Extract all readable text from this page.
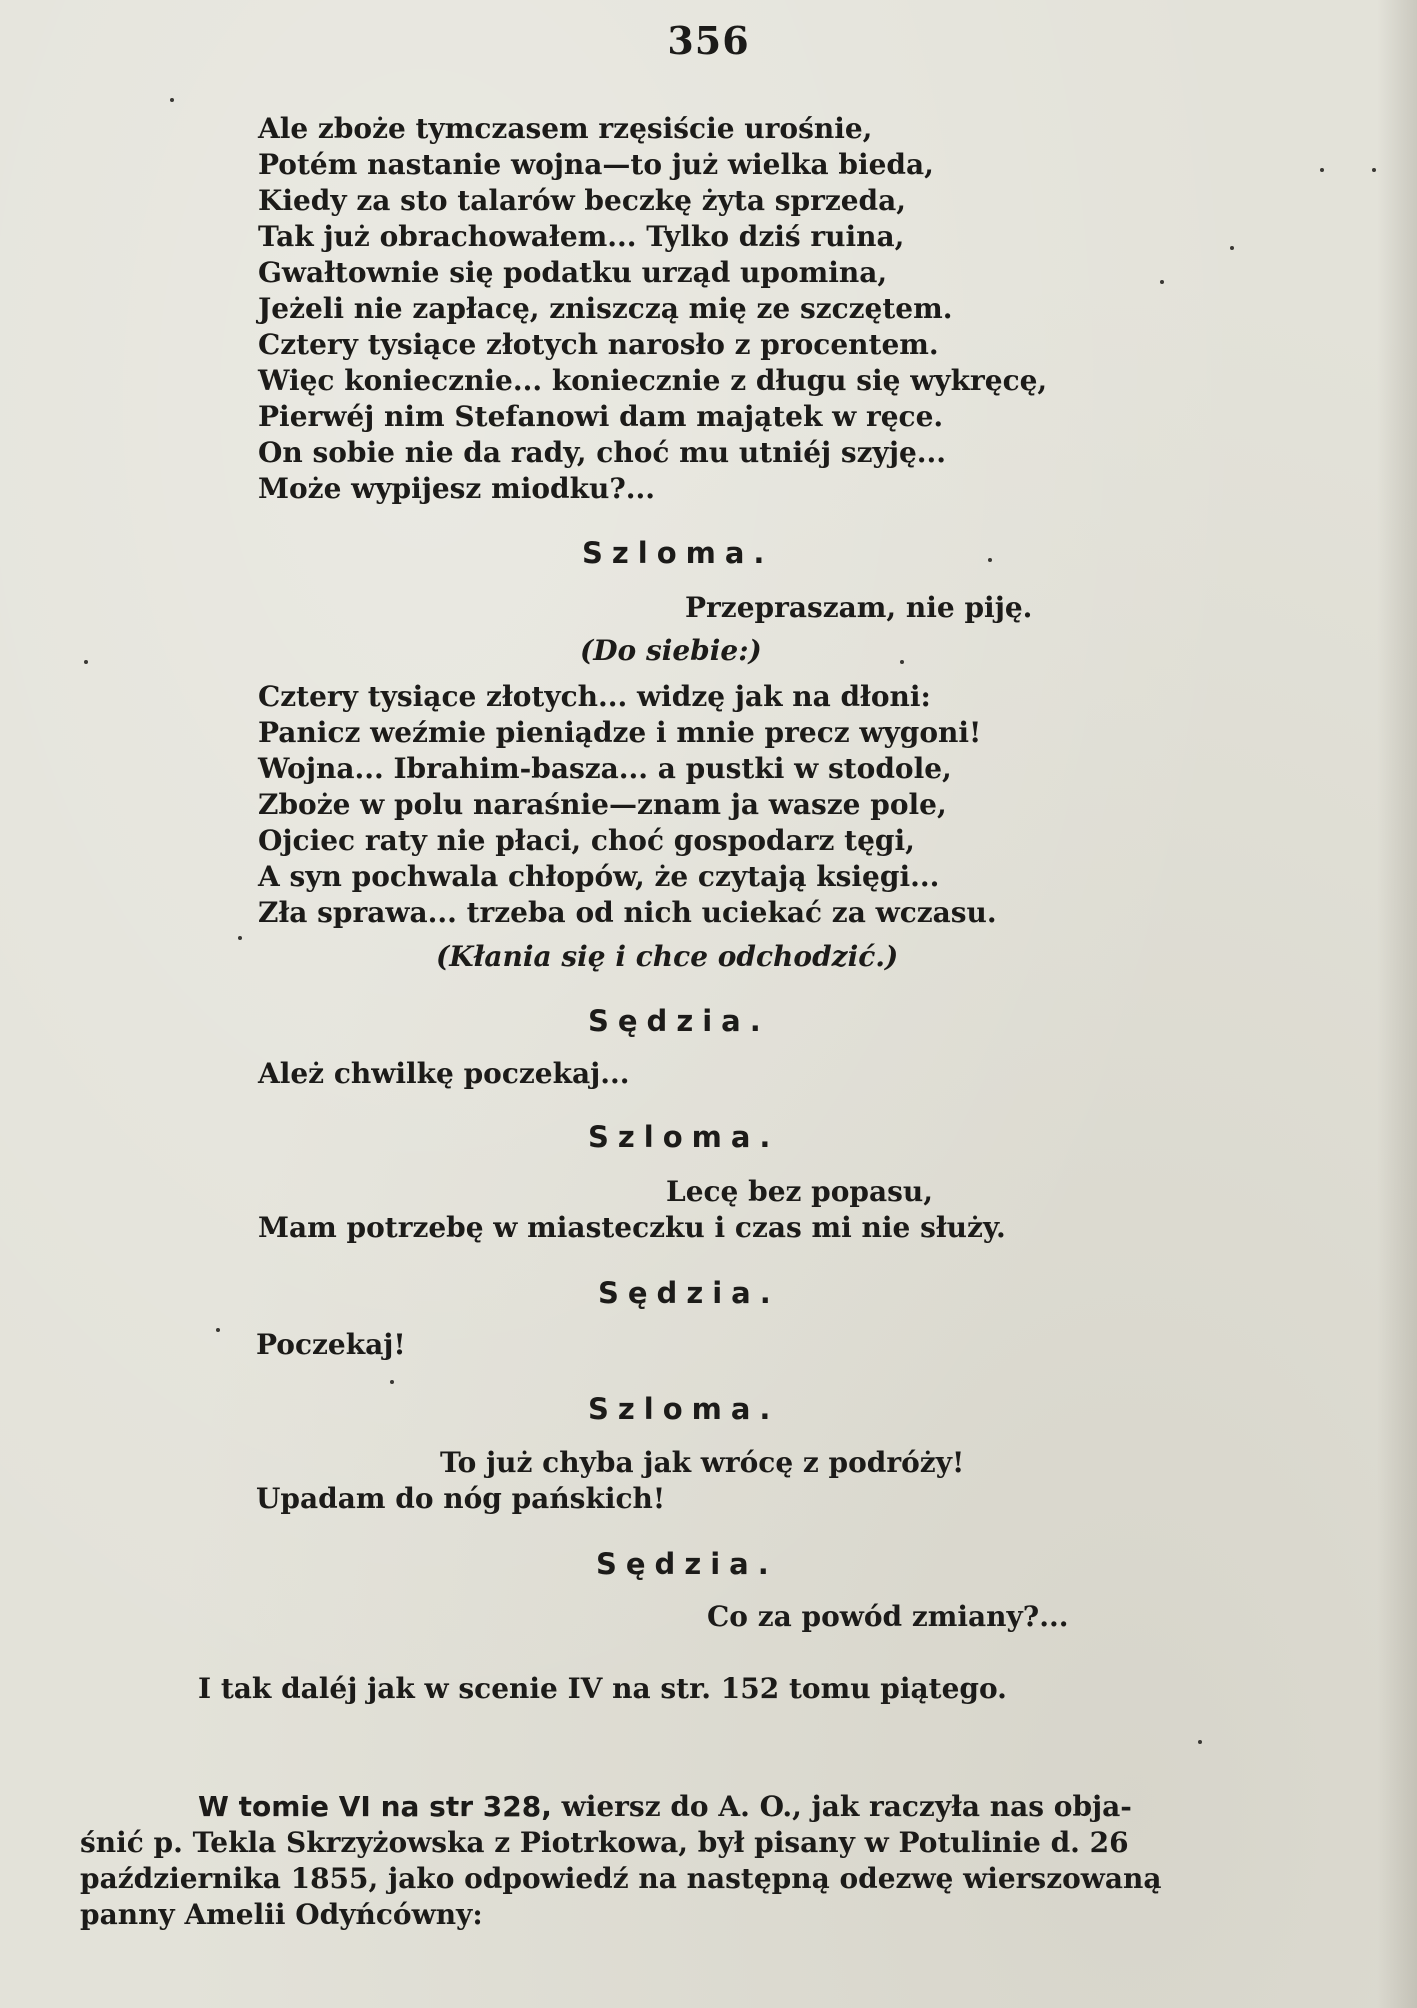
356
Ale zboże tymczasem rzęsiście urośnie,
Potém nastanie wojna—to już wielka bieda,
Kiedy za sto talarów beczkę żyta sprzeda,
Tak już obrachowałem... Tylko dziś ruina,
Gwałtownie się podatku urząd upomina,
Jeżeli nie zapłacę, zniszczą mię ze szczętem.
Cztery tysiące złotych narosło z procentem.
Więc koniecznie... koniecznie z długu się wykręcę,
Pierwéj nim Stefanowi dam majątek w ręce.
On sobie nie da rady, choć mu utniéj szyję...
Może wypijesz miodku?...
Szloma.
Przepraszam, nie piję.
(Do siebie:)
Cztery tysiące złotych... widzę jak na dłoni:
Panicz weźmie pieniądze i mnie precz wygoni!
Wojna... Ibrahim-basza... a pustki w stodole,
Zboże w polu naraśnie—znam ja wasze pole,
Ojciec raty nie płaci, choć gospodarz tęgi,
A syn pochwala chłopów, że czytają księgi...
Zła sprawa... trzeba od nich uciekać za wczasu.
(Kłania się i chce odchodzić.)
Sędzia.
Ależ chwilkę poczekaj...
Szloma.
Lecę bez popasu,
Mam potrzebę w miasteczku i czas mi nie służy.
Sędzia.
Poczekaj!
Szloma.
To już chyba jak wrócę z podróży!
Upadam do nóg pańskich!
Sędzia.
Co za powód zmiany?...
I tak daléj jak w scenie IV na str. 152 tomu piątego.
W tomie VI na str 328, wiersz do A. O., jak raczyła nas obja-
śnić p. Tekla Skrzyżowska z Piotrkowa, był pisany w Potulinie d. 26
października 1855, jako odpowiedź na następną odezwę wierszowaną
panny Amelii Odyńcówny:
